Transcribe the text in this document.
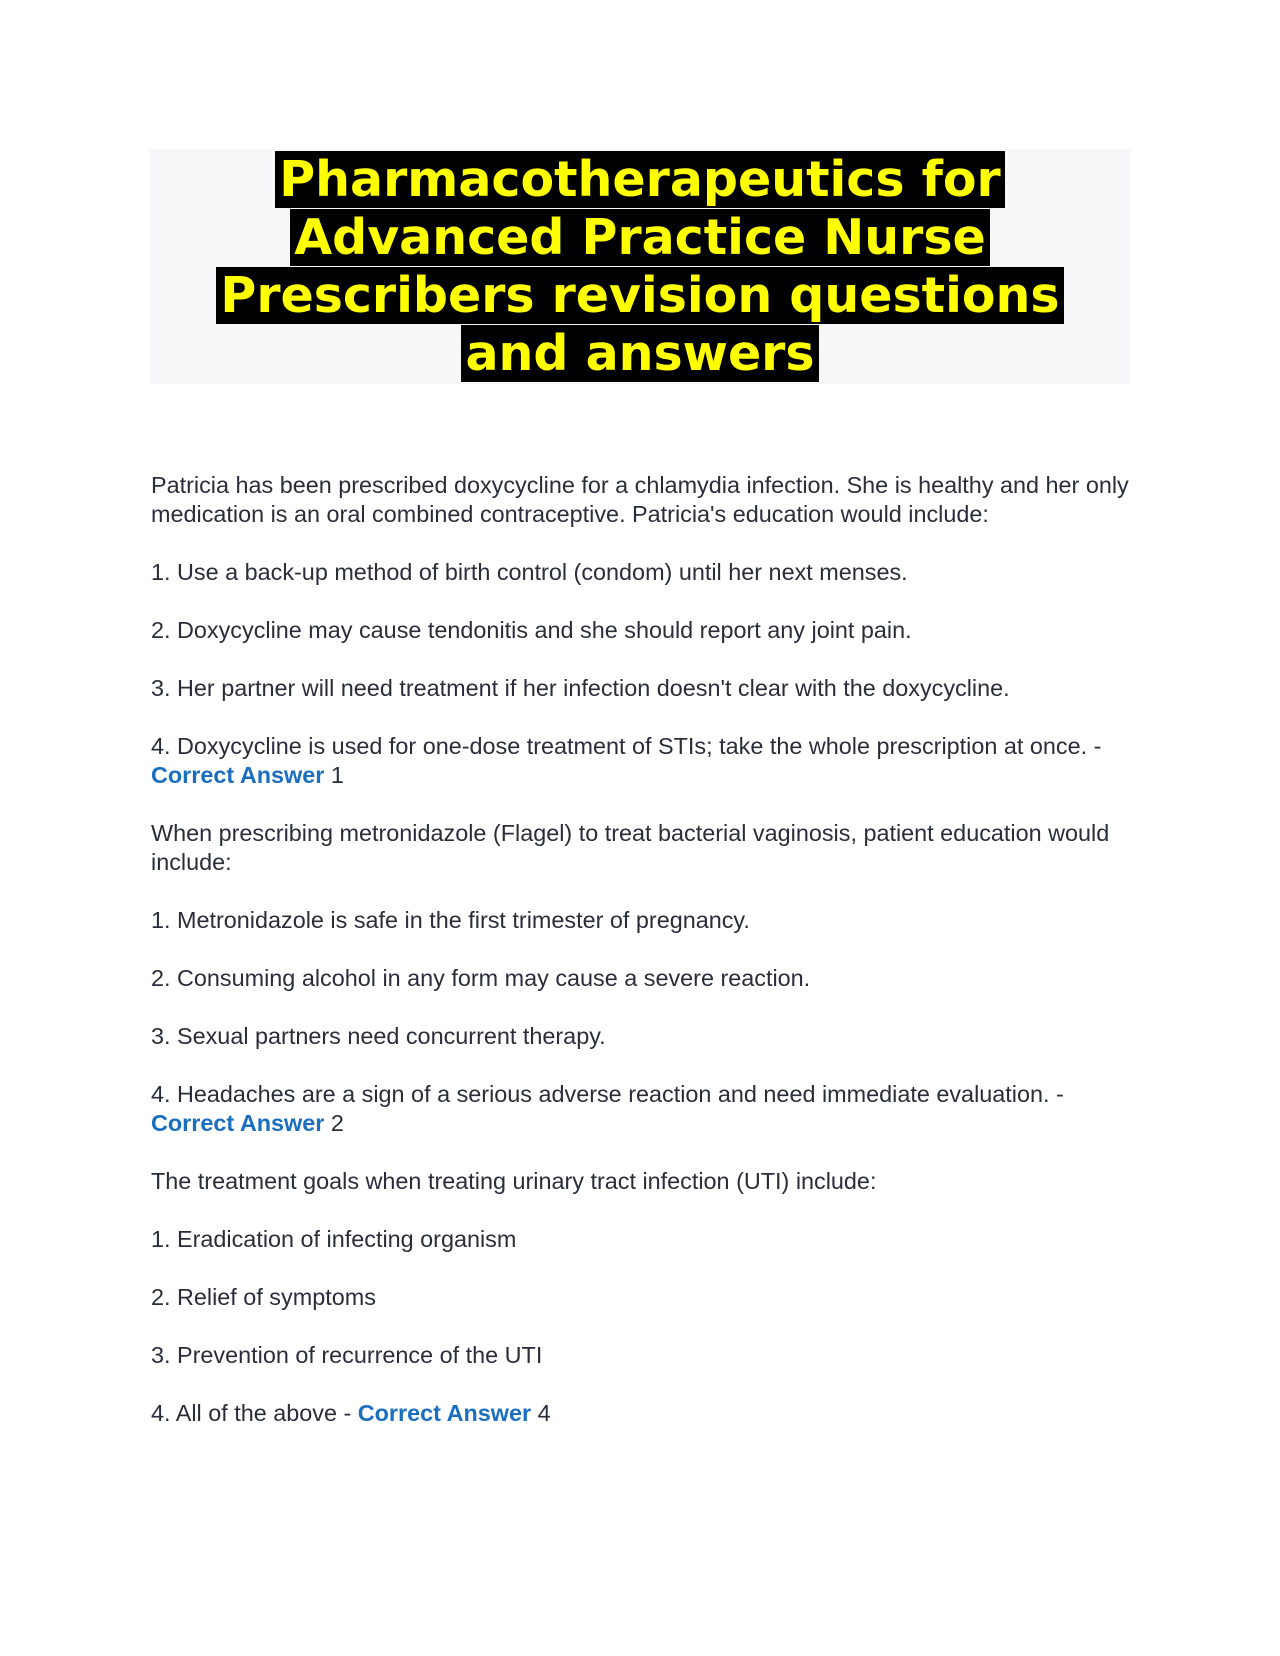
Pharmacotherapeutics for Advanced Practice Nurse Prescribers revision questions and answers

Patricia has been prescribed doxycycline for a chlamydia infection. She is healthy and her only medication is an oral combined contraceptive. Patricia's education would include:

1. Use a back-up method of birth control (condom) until her next menses.

2. Doxycycline may cause tendonitis and she should report any joint pain.

3. Her partner will need treatment if her infection doesn't clear with the doxycycline.

4. Doxycycline is used for one-dose treatment of STIs; take the whole prescription at once. - Correct Answer 1

When prescribing metronidazole (Flagel) to treat bacterial vaginosis, patient education would include:

1. Metronidazole is safe in the first trimester of pregnancy.

2. Consuming alcohol in any form may cause a severe reaction.

3. Sexual partners need concurrent therapy.

4. Headaches are a sign of a serious adverse reaction and need immediate evaluation. - Correct Answer 2

The treatment goals when treating urinary tract infection (UTI) include:

1. Eradication of infecting organism

2. Relief of symptoms

3. Prevention of recurrence of the UTI

4. All of the above - Correct Answer 4
